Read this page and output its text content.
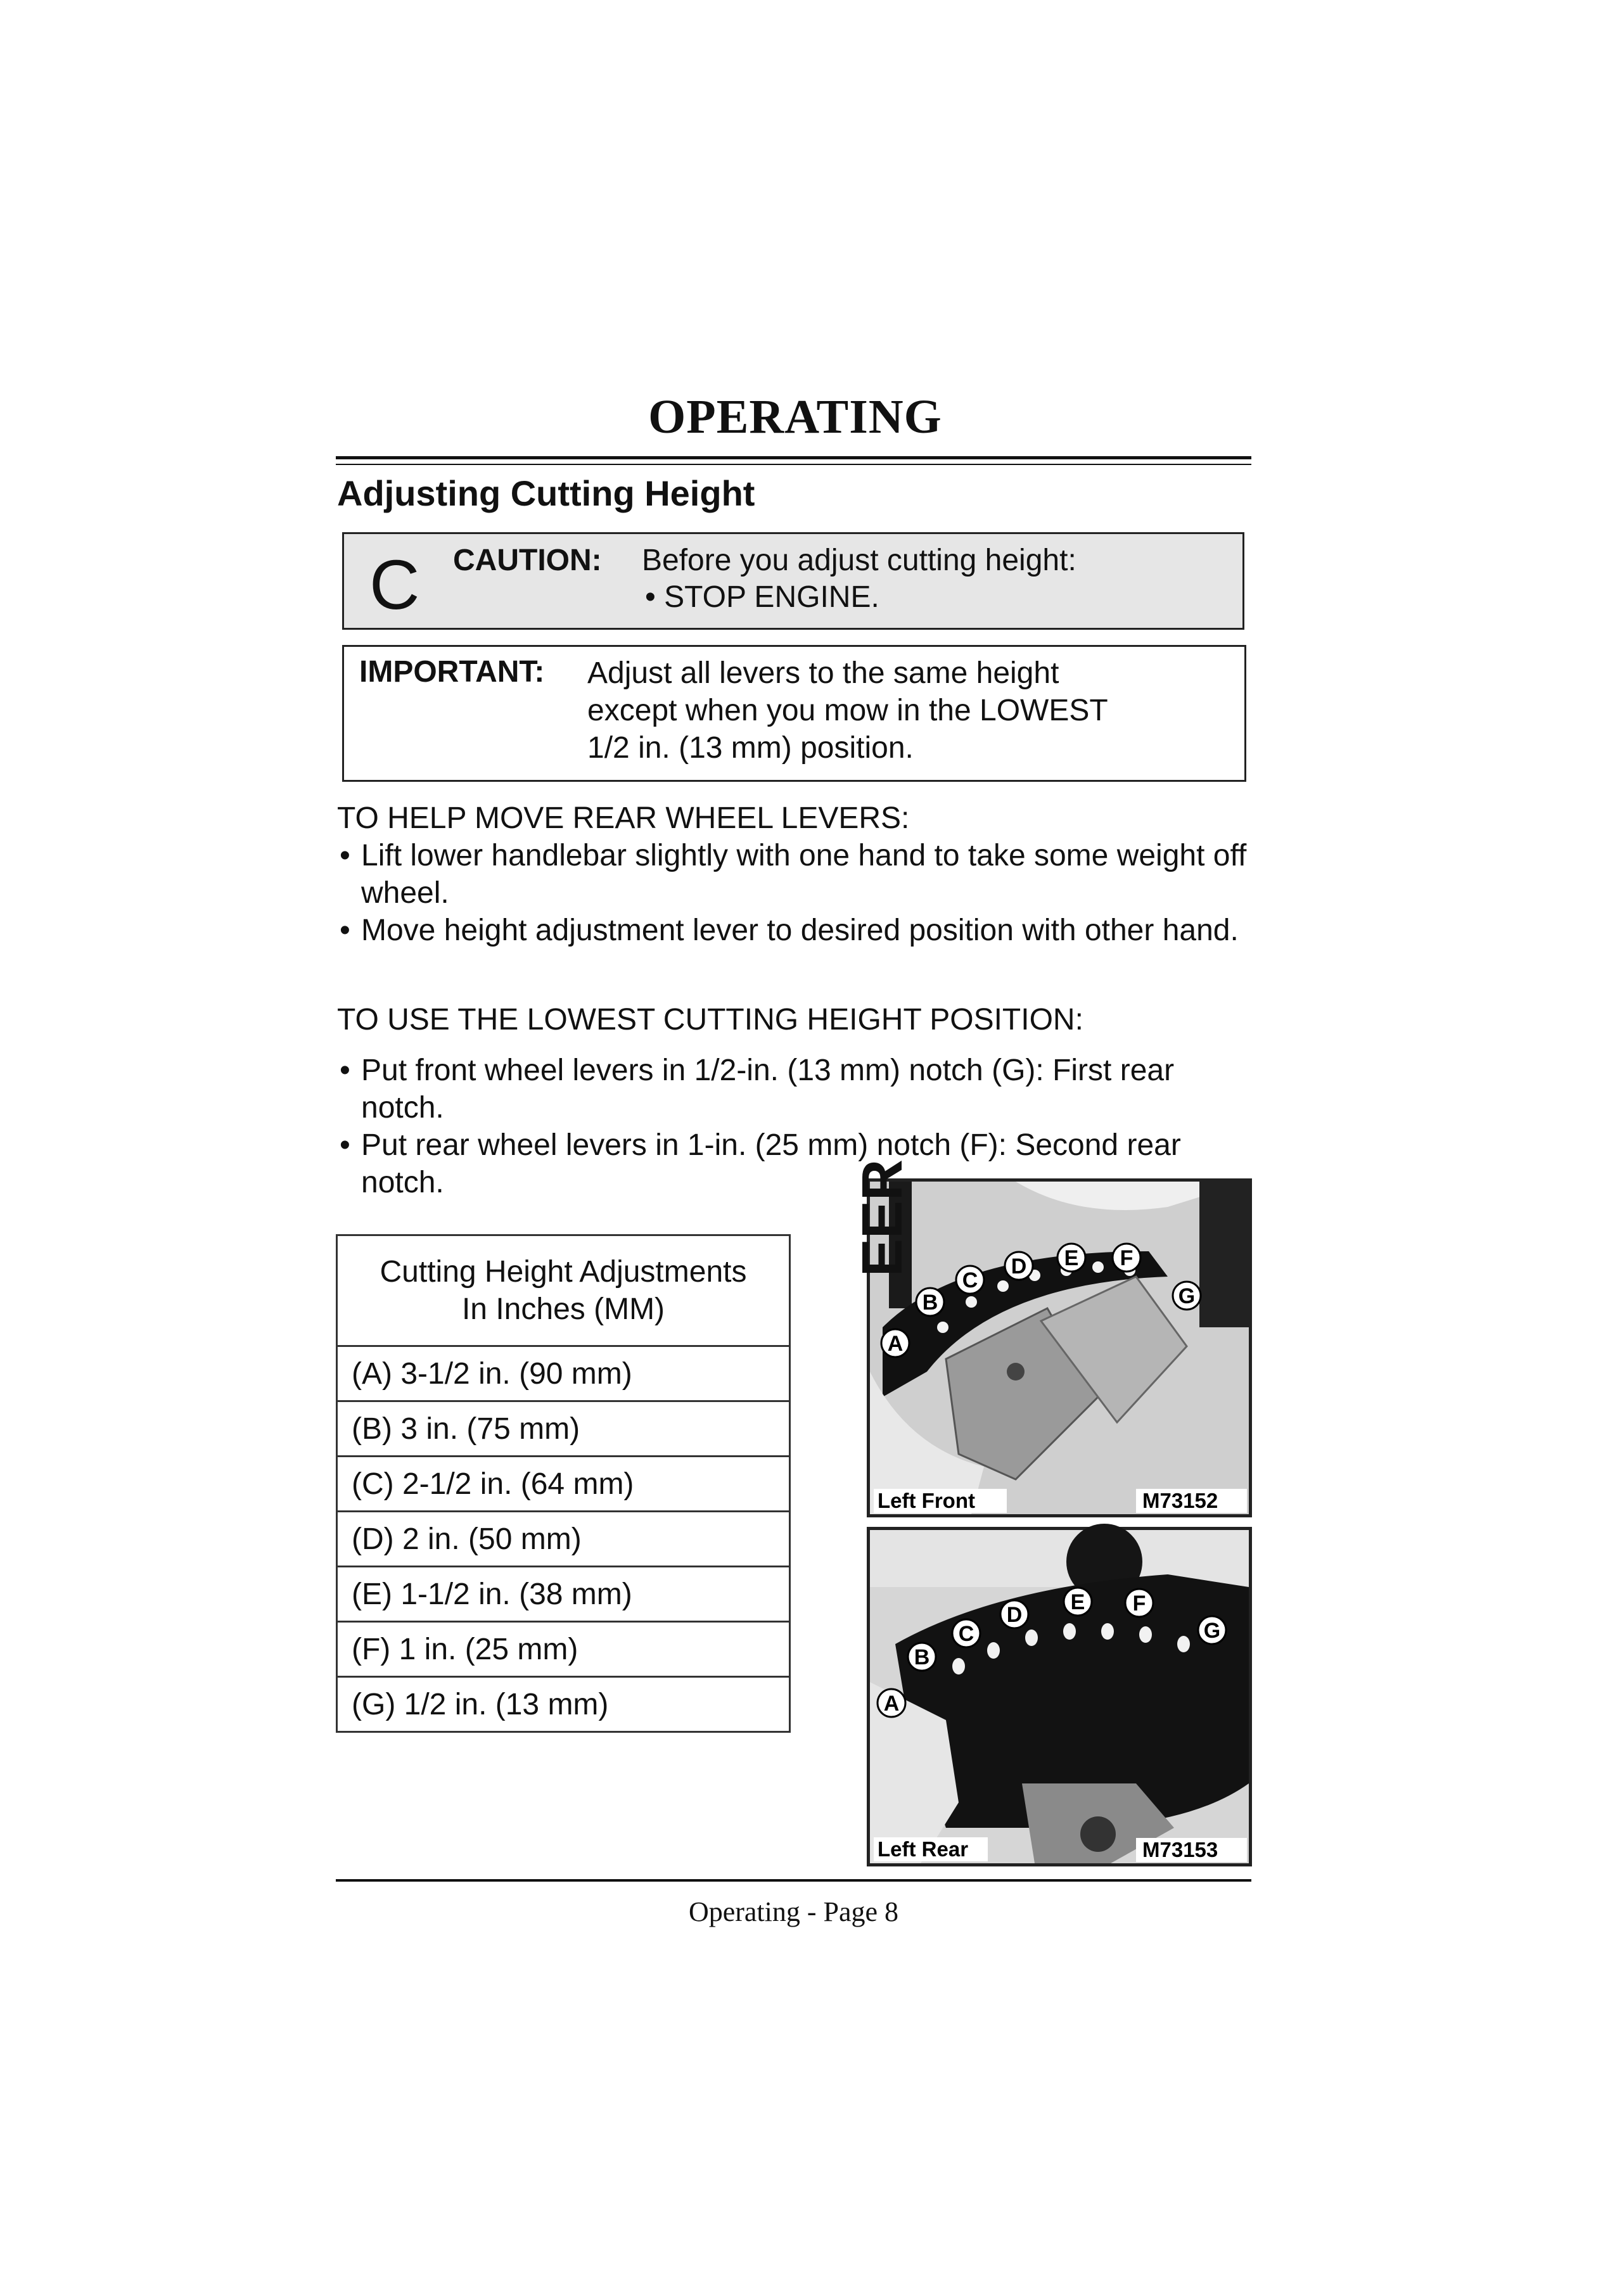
OPERATING
Adjusting Cutting Height
C CAUTION: Before you adjust cutting height:
• STOP ENGINE.
IMPORTANT: Adjust all levers to the same height
except when you mow in the LOWEST
1/2 in. (13 mm) position.
TO HELP MOVE REAR WHEEL LEVERS:
• Lift lower handlebar slightly with one hand to take some weight off wheel.
• Move height adjustment lever to desired position with other hand.
TO USE THE LOWEST CUTTING HEIGHT POSITION:
• Put front wheel levers in 1/2-in. (13 mm) notch (G): First rear notch.
• Put rear wheel levers in 1-in. (25 mm) notch (F): Second rear notch.
Cutting Height Adjustments
In Inches (MM)

(A) 3-1/2 in. (90 mm)
(B) 3 in. (75 mm)
(C) 2-1/2 in. (64 mm)
(D) 2 in. (50 mm)
(E) 1-1/2 in. (38 mm)
(F) 1 in. (25 mm)
(G) 1/2 in. (13 mm)
EER
A
B
C
D E F
G
Left Front	M73152
A
B
C
D
E F
G
Left Rear	M73153
Operating - Page 8
